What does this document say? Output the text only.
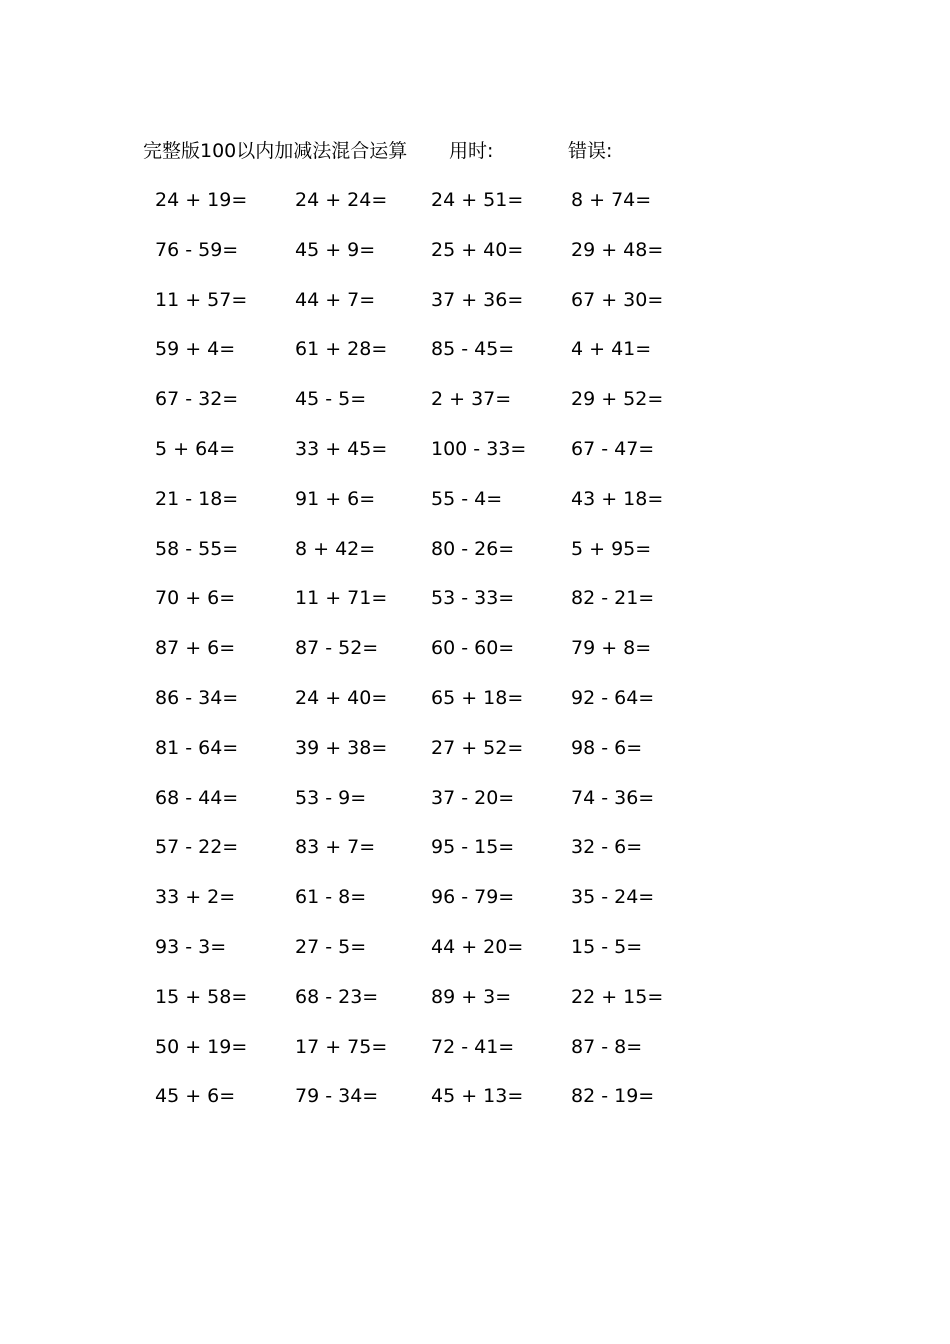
完整版100以内加减法混合运算 用时:	错误:
24 + 19=	24 + 24= 24 + 51=	8 + 74=
76 - 59=	45 + 9=	25 + 40=	29 + 48=
11 + 57=	44 + 7=	37 + 36=	67 + 30=
59 + 4=	61 + 28= 85 - 45=	4 + 41=
67 - 32=	45 - 5=	2 + 37=	29 + 52=
5 + 64=	33 + 45= 100 - 33= 67 - 47=
21 - 18=	91 + 6=	55 - 4=	43 + 18=
58 - 55=	8 + 42=	80 - 26=	5 + 95=
70 + 6=	11 + 71= 53 - 33=	82 - 21=
87 + 6=	87 - 52=	60 - 60=	79 + 8=
86 - 34=	24 + 40= 65 + 18=	92 - 64=
81 - 64=	39 + 38= 27 + 52=	98 - 6=
68 - 44=	53 - 9=	37 - 20=	74 - 36=
57 - 22=	83 + 7=	95 - 15=	32 - 6=
33 + 2=	61 - 8=	96 - 79=	35 - 24=
93 - 3=	27 - 5=	44 + 20=	15 - 5=
15 + 58=	68 - 23=	89 + 3=	22 + 15=
50 + 19=	17 + 75= 72 - 41=	87 - 8=
45 + 6=	79 - 34=	45 + 13=	82 - 19=
